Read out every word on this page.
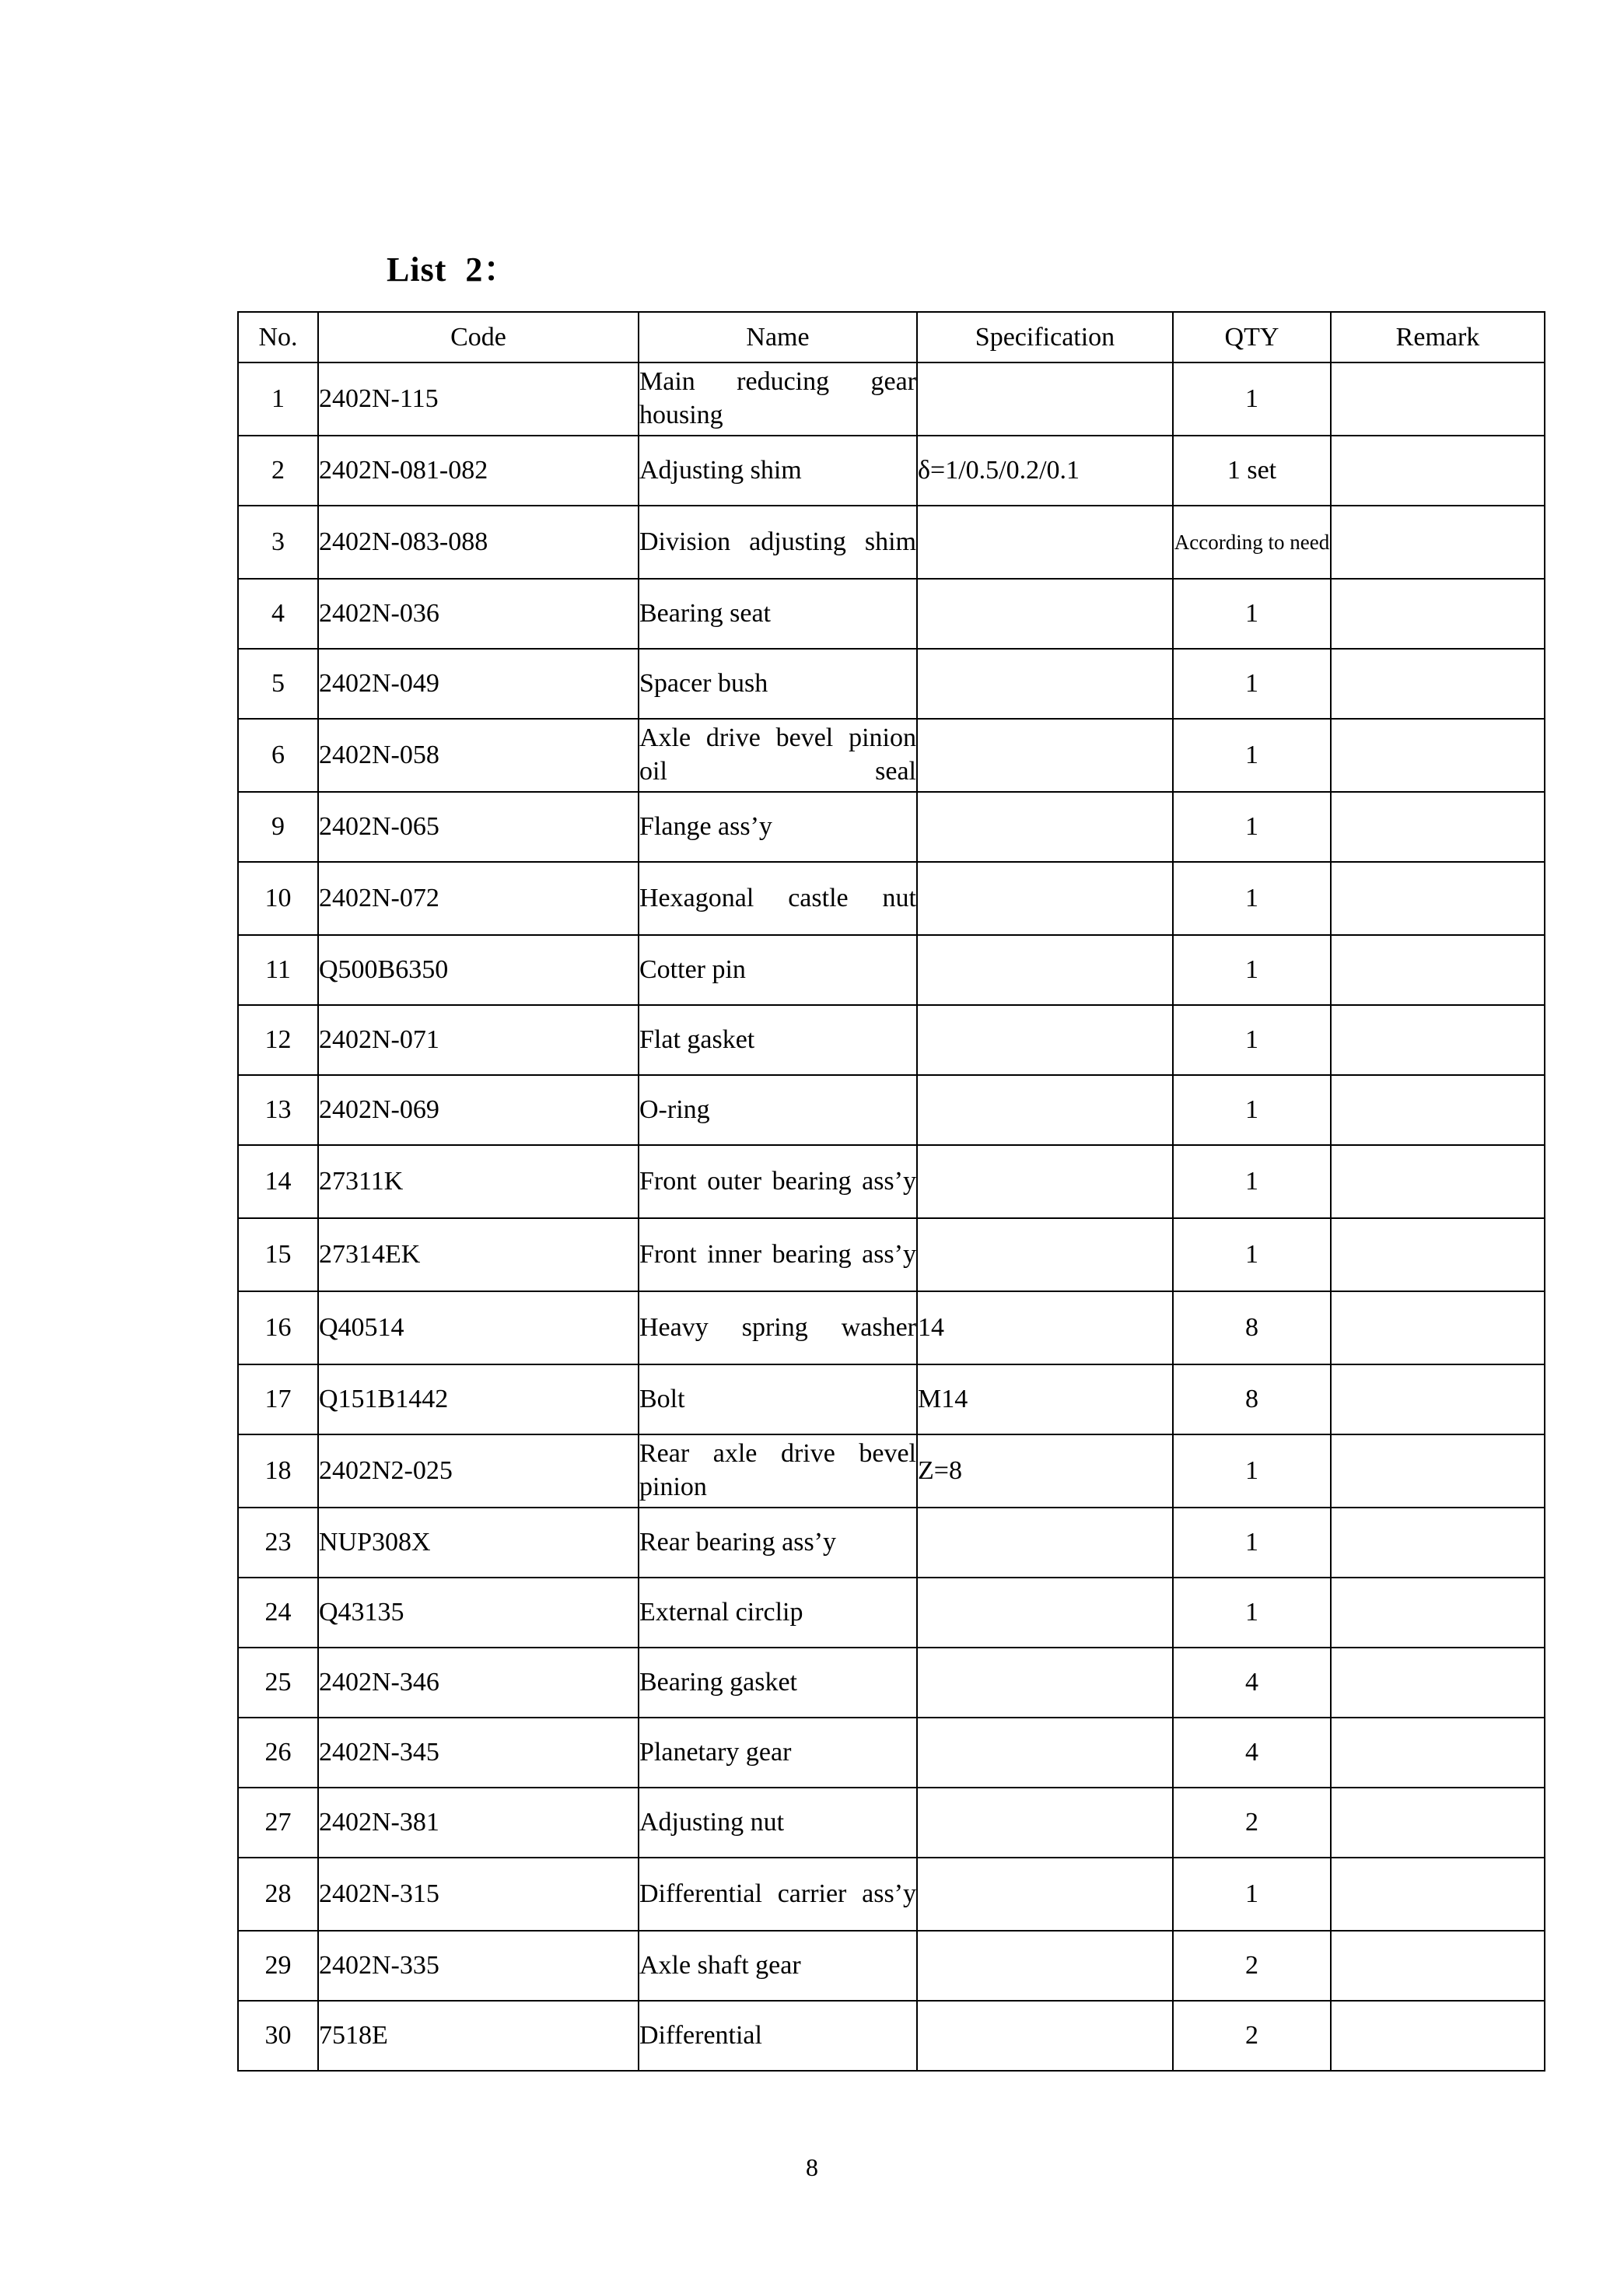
List  2：
No.	Code	Name	Specification	QTY	Remark
1	2402N-115	Main reducing gear housing		1	
2	2402N-081-082	Adjusting shim	δ=1/0.5/0.2/0.1	1 set	
3	2402N-083-088	Division adjusting shim		According to need	
4	2402N-036	Bearing seat		1	
5	2402N-049	Spacer bush		1	
6	2402N-058	Axle drive bevel pinion oil seal		1	
9	2402N-065	Flange ass’y		1	
10	2402N-072	Hexagonal castle nut		1	
11	Q500B6350	Cotter pin		1	
12	2402N-071	Flat gasket		1	
13	2402N-069	O-ring		1	
14	27311K	Front outer bearing ass’y		1	
15	27314EK	Front inner bearing ass’y		1	
16	Q40514	Heavy spring washer	14	8	
17	Q151B1442	Bolt	M14	8	
18	2402N2-025	Rear axle drive bevel pinion	Z=8	1	
23	NUP308X	Rear bearing ass’y		1	
24	Q43135	External circlip		1	
25	2402N-346	Bearing gasket		4	
26	2402N-345	Planetary gear		4	
27	2402N-381	Adjusting nut		2	
28	2402N-315	Differential carrier ass’y		1	
29	2402N-335	Axle shaft gear		2	
30	7518E	Differential		2	
8
